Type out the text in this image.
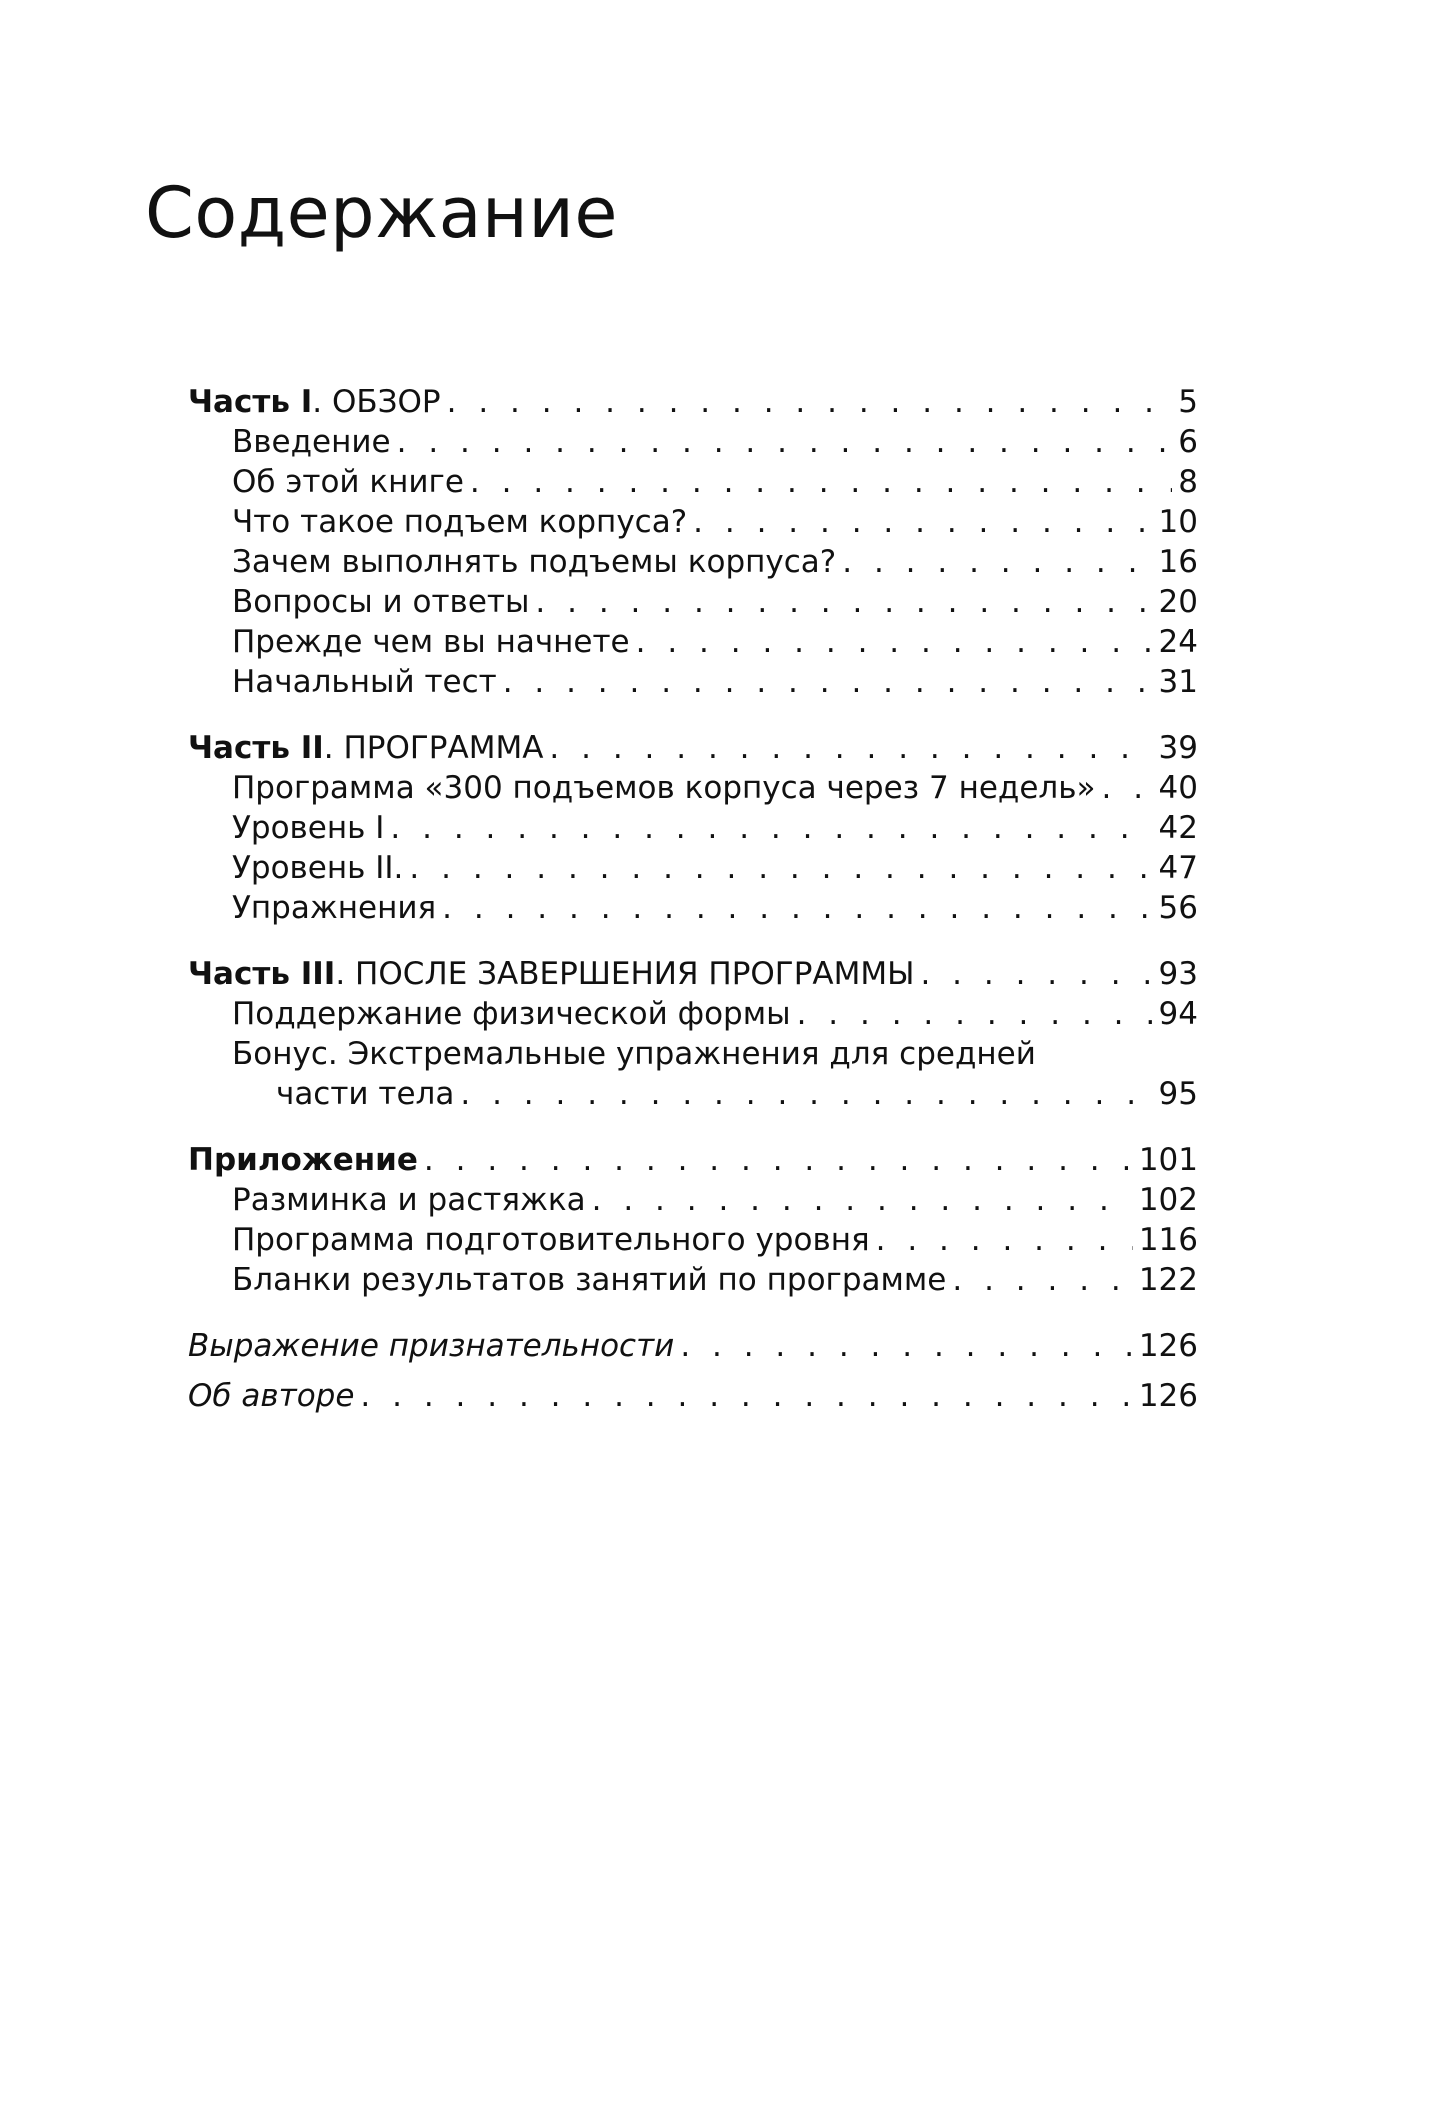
Содержание
Часть I. ОБЗОР . . .	5
Введение . . .	6
Об этой книге . . .	8
Что такое подъем корпуса? . . .	10
Зачем выполнять подъемы корпуса? . . .	16
Вопросы и ответы . . .	20
Прежде чем вы начнете . . .	24
Начальный тест . . .	31
Часть II. ПРОГРАММА . . .	39
Программа «300 подъемов корпуса через 7 недель» . . . 40
Уровень I . . .	42
Уровень II. . . .	47
Упражнения . . .	56
Часть III. ПОСЛЕ ЗАВЕРШЕНИЯ ПРОГРАММЫ . . .	93
Поддержание физической формы . . .	94
Бонус. Экстремальные упражнения для средней
части тела . . .	95
Приложение . . .	101
Разминка и растяжка . . .	102
Программа подготовительного уровня . . .	116
Бланки результатов занятий по программе . . .	122
Выражение признательности . . .	126
Об авторе . . .	126
